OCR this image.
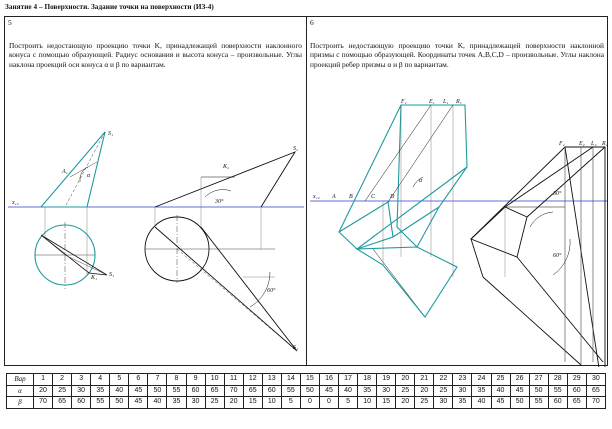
Занятие 4 – Поверхности. Задание точки на поверхности (ИЗ-4)
5
Построить недостающую проекцию точки K, принадлежащей поверхности наклонного конуса с помощью образующей. Радиус основания и высота конуса – произвольные. Углы наклона проекций оси конуса α и β по вариантам.
6
Построить недостающую проекцию точки K, принадлежащей поверхности наклонной призмы с помощью образующей. Координаты точек A,B,C,D – произвольные. Углы наклона проекций ребер призмы α и β по вариантам.
x₁₂
x₁₂
S₁
S₂
A₁
α
S₁
K₁
K₂
30°
60°
S₁
F₁	E₁ L₁ R₁
F₂ E₂ L₂ R₂
A B	C D
α
30°
60°
Вар	1	2	3	4	5	6	7	8	9	10	11	12	13	14	15	16	17	18	19	20	21	22	23	24	25	26	27	28	29	30
α	20	25	30	35	40	45	50	55	60	65	70	65	60	55	50	45	40	35	30	25	20	25	30	35	40	45	50	55	60	65
β	70	65	60	55	50	45	40	35	30	25	20	15	10	5	0	0	5	10	15	20	25	30	35	40	45	50	55	60	65	70
